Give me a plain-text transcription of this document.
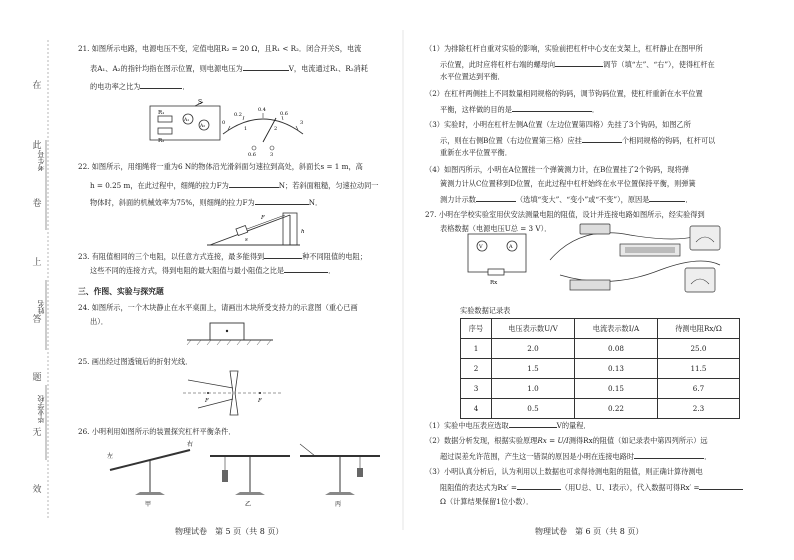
在
此
卷
上
答
题
无
效
考生号
姓名
毕业学校
21. 如图所示电路，电源电压不变，定值电阻R₂ = 20 Ω，且R₁ < R₂．闭合开关S，电流
表A₁、A₂的指针均指在图示位置，则电源电压为	V，电流通过R₁、R₂消耗
的电功率之比为	．
S
R₁
R₂
A₁
A₂
0
0.2
0.4
0.6
1	2
3
0.6	3
22. 如图所示，用细绳将一重为6 N的物体沿光滑斜面匀速拉到高处，斜面长s = 1 m，高
h = 0.25 m，在此过程中，细绳的拉力F为	N；若斜面粗糙，匀速拉动同一
物体时，斜面的机械效率为75%，则细绳的拉力F为	N．
F
s
h
23. 有阻值相同的三个电阻，以任意方式连接，最多能得到	种不同阻值的电阻；
这些不同的连接方式，得到电阻的最大阻值与最小阻值之比是	．
三、作图、实验与探究题
24. 如图所示，一个木块静止在水平桌面上，请画出木块所受支持力的示意图（重心已画
出）．
25. 画出经过图透镜后的折射光线．
F	F
26. 小明利用如图所示的装置探究杠杆平衡条件．
左
右
甲	乙	丙
物理试卷　第 5 页（共 8 页）
（1）为排除杠杆自重对实验的影响，实验前把杠杆中心支在支架上，杠杆静止在图甲所
示位置，此时应将杠杆右端的螺母向	调节（填“左”、“右”），使得杠杆在
水平位置达到平衡．
（2）在杠杆两侧挂上不同数量相同规格的钩码，调节钩码位置，使杠杆重新在水平位置
平衡，这样做的目的是	．
（3）实验时，小明在杠杆左侧A位置（左边位置第四格）先挂了3个钩码，如图乙所
示，则在右侧B位置（右边位置第三格）应挂	个相同规格的钩码，杠杆可以
重新在水平位置平衡．
（4）如图丙所示，小明在A位置挂一个弹簧测力计，在B位置挂了2个钩码，现将弹
簧测力计从C位置移到D位置，在此过程中杠杆始终在水平位置保持平衡，则弹簧
测力计示数	（选填“变大”、“变小”或“不变”），原因是	．
27. 小明在学校实验室用伏安法测量电阻的阻值，设计并连接电路如图所示，经实验得到
表格数据（电源电压U总 = 3 V）．
V	A
Rx
实验数据记录表
序号	电压表示数U/V	电流表示数I/A	待测电阻Rx/Ω
1	2.0	0.08	25.0
2	1.5	0.13	11.5
3	1.0	0.15	6.7
4	0.5	0.22	2.3
（1）实验中电压表应选取	V的量程．
（2）数据分析发现，根据实验原理Rx = U/I测得Rx的阻值（如记录表中第四列所示）远
超过误差允许范围，产生这一错误的原因是小明在连接电路时	．
（3）小明认真分析后，认为利用以上数据也可求得待测电阻的阻值，则正确计算待测电
阻阻值的表达式为Rx′ =	（用U总、U、I表示），代入数据可得Rx′ =
Ω（计算结果保留1位小数）．
物理试卷　第 6 页（共 8 页）
